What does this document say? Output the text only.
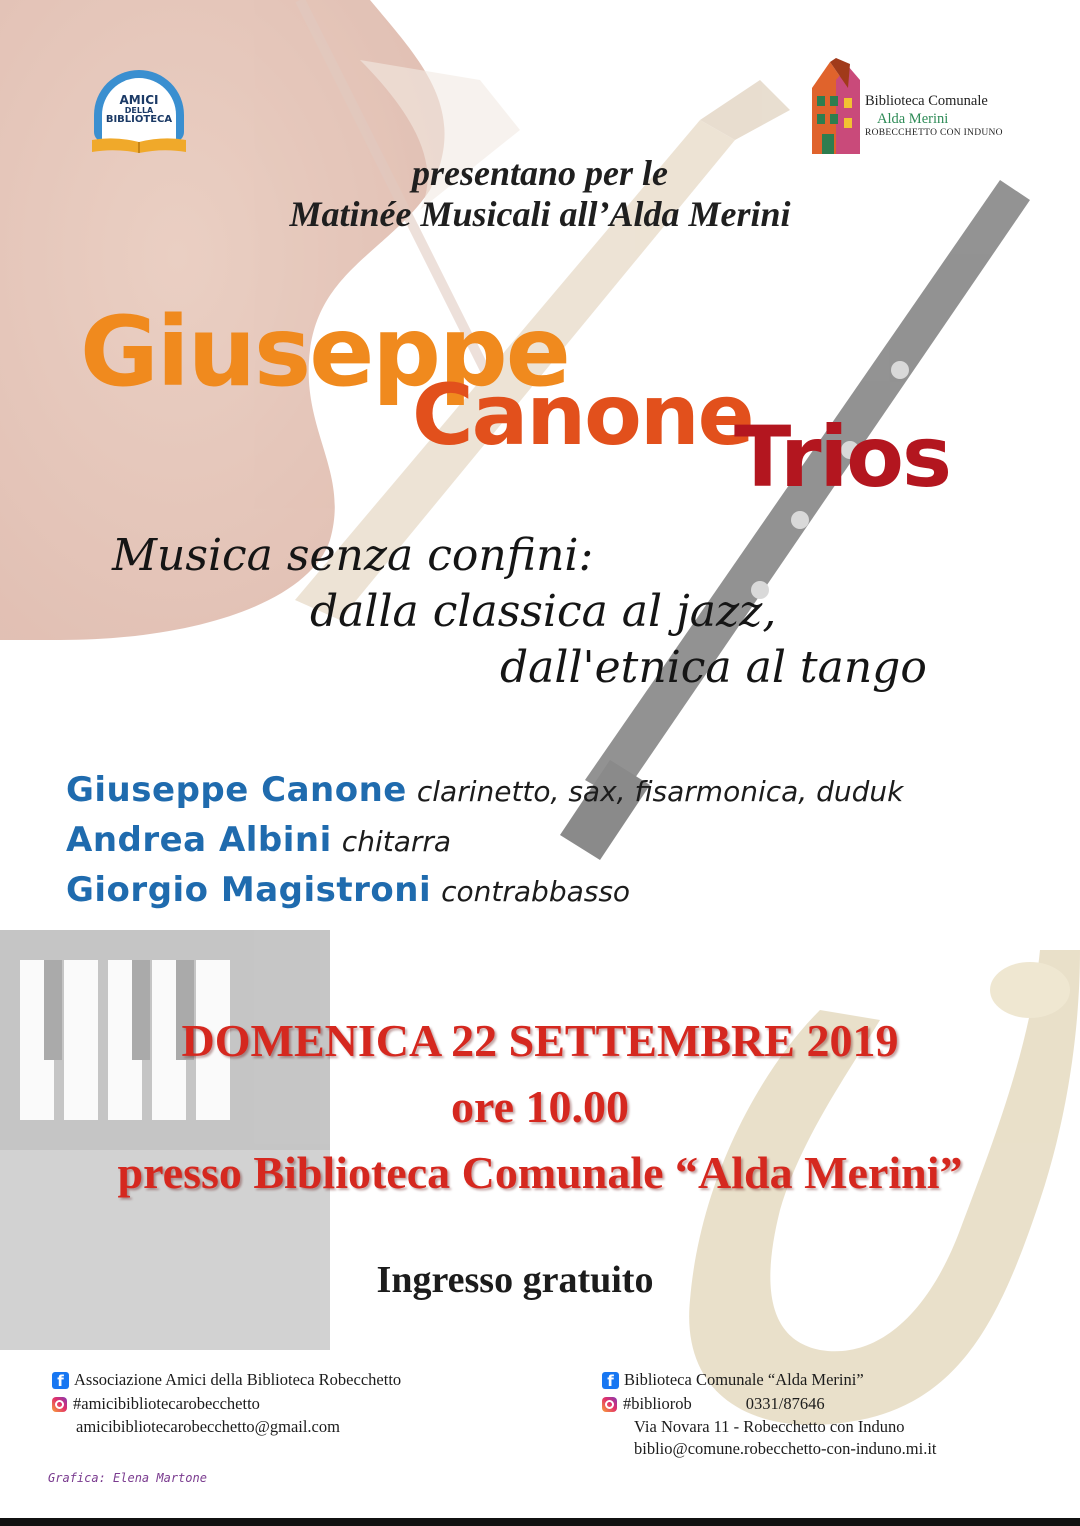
AMICI
DELLA
BIBLIOTECA
Biblioteca Comunale
Alda Merini
ROBECCHETTO CON INDUNO
presentano per le
Matinée Musicali all’Alda Merini
Giuseppe
Canone
Trios
Musica senza confini:
dalla classica al jazz,
dall'etnica al tango
Giuseppe Canone clarinetto, sax, fisarmonica, duduk
Andrea Albini chitarra
Giorgio Magistroni contrabbasso
DOMENICA 22 SETTEMBRE 2019
ore 10.00
presso Biblioteca Comunale “Alda Merini”
Ingresso gratuito
f Associazione Amici della Biblioteca Robecchetto
#amicibibliotecarobecchetto
amicibibliotecarobecchetto@gmail.com
f Biblioteca Comunale “Alda Merini”
#bibliorob	0331/87646
Via Novara 11 - Robecchetto con Induno
biblio@comune.robecchetto-con-induno.mi.it
Grafica: Elena Martone
